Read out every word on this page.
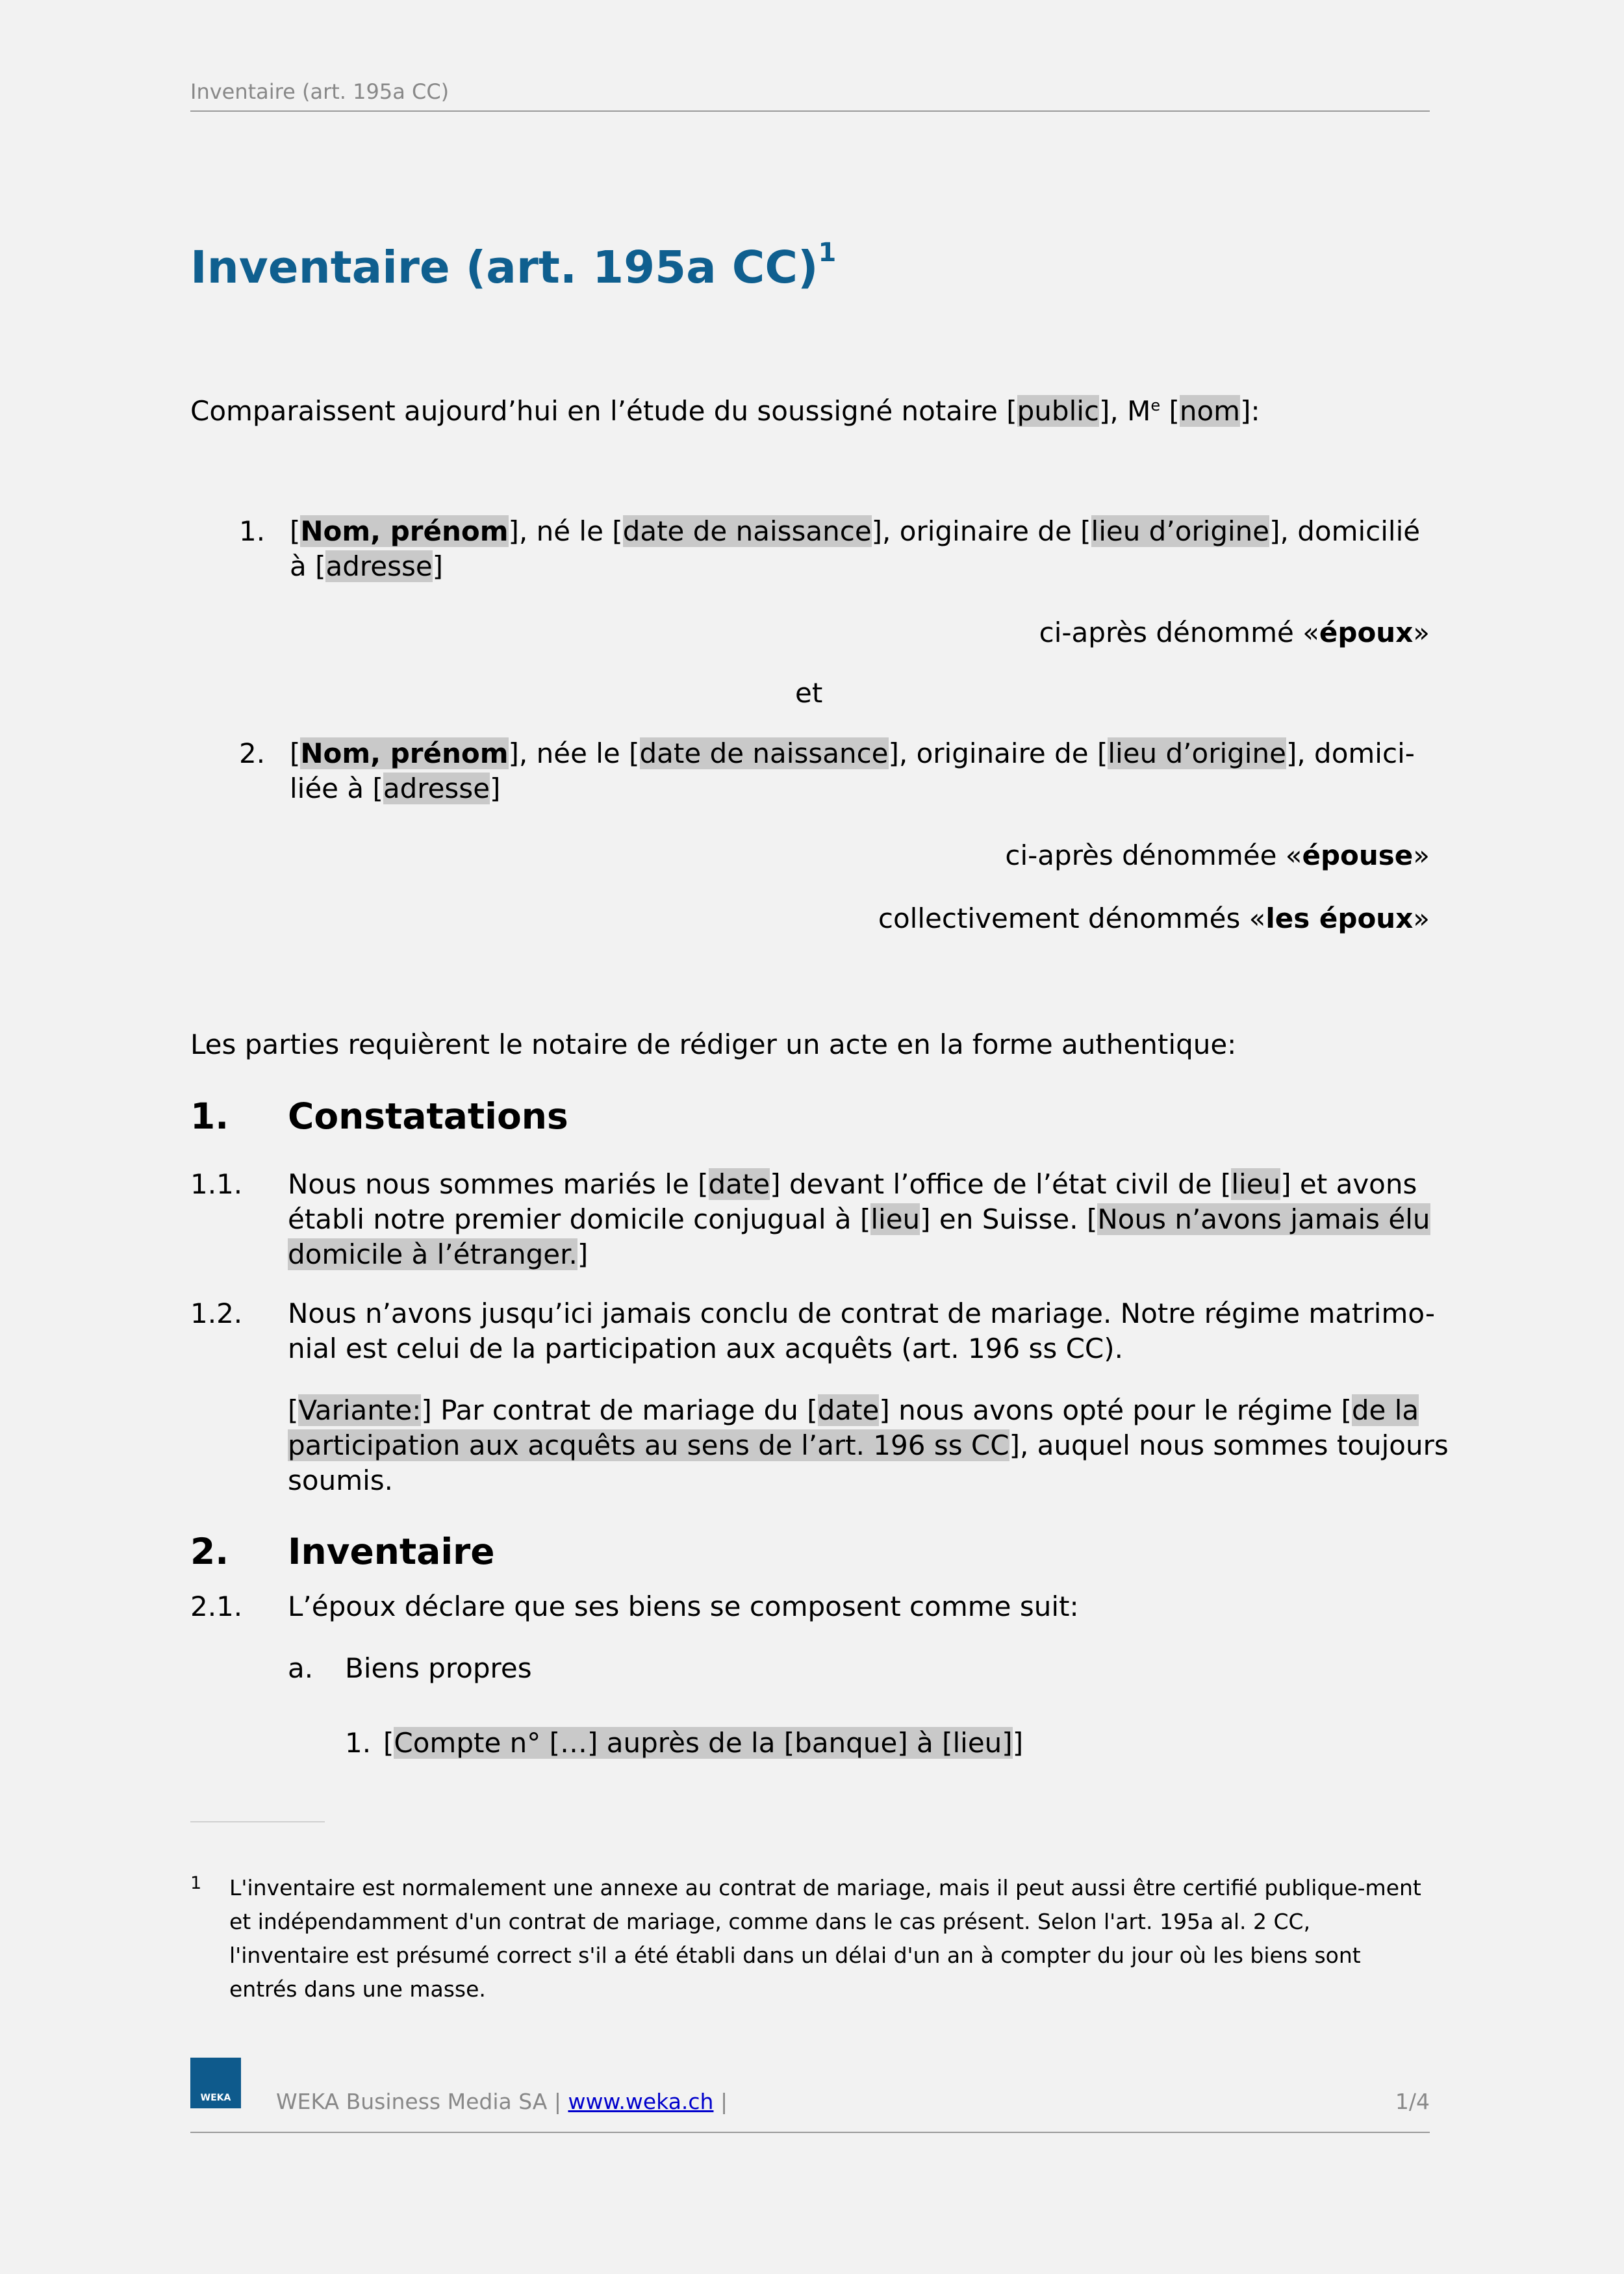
Inventaire (art. 195a CC)
Inventaire (art. 195a CC)$^1$
Comparaissent aujourd’hui en l’étude du soussigné notaire [public], Me [nom]:
1. [Nom, prénom], né le [date de naissance], originaire de [lieu d’origine], domicilié
à [adresse]
ci-après dénommé «époux»
et
2. [Nom, prénom], née le [date de naissance], originaire de [lieu d’origine], domici-
liée à [adresse]
ci-après dénommée «épouse»
collectivement dénommés «les époux»
Les parties requièrent le notaire de rédiger un acte en la forme authentique:
1. Constatations
1.1. Nous nous sommes mariés le [date] devant l’office de l’état civil de [lieu] et avons
établi notre premier domicile conjugual à [lieu] en Suisse. [Nous n’avons jamais élu
domicile à l’étranger.]
1.2. Nous n’avons jusqu’ici jamais conclu de contrat de mariage. Notre régime matrimo-
nial est celui de la participation aux acquêts (art. 196 ss CC).
[Variante:] Par contrat de mariage du [date] nous avons opté pour le régime [de la
participation aux acquêts au sens de l’art. 196 ss CC], auquel nous sommes toujours
soumis.
2. Inventaire
2.1. L’époux déclare que ses biens se composent comme suit:
a. Biens propres
1. [Compte n° […] auprès de la [banque] à [lieu]]
1 L'inventaire est normalement une annexe au contrat de mariage, mais il peut aussi être certifié publique-ment et indépendamment d'un contrat de mariage, comme dans le cas présent. Selon l'art. 195a al. 2 CC, l'inventaire est présumé correct s'il a été établi dans un délai d'un an à compter du jour où les biens sont entrés dans une masse.
WEKA	WEKA Business Media SA | www.weka.ch |	1/4
